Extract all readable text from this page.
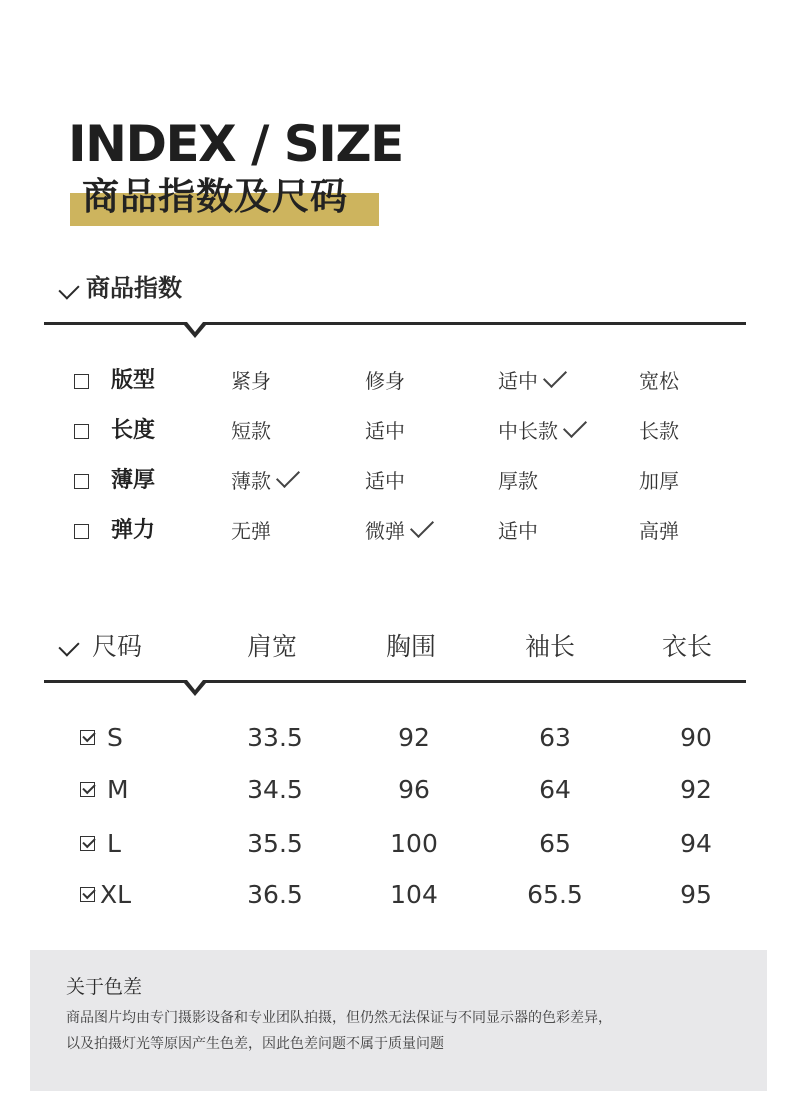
INDEX / SIZE
商品指数及尺码
商品指数
版型	紧身	修身	适中	宽松
长度	短款	适中	中长款	长款
薄厚	薄款	适中	厚款	加厚
弹力	无弹	微弹	适中	高弹
尺码	肩宽	胸围	袖长	衣长
S	33.5	92	63	90
M	34.5	96	64	92
L	35.5	100	65	94
XL	36.5	104	65.5	95
关于色差
商品图片均由专门摄影设备和专业团队拍摄，但仍然无法保证与不同显示器的色彩差异，
以及拍摄灯光等原因产生色差，因此色差问题不属于质量问题
